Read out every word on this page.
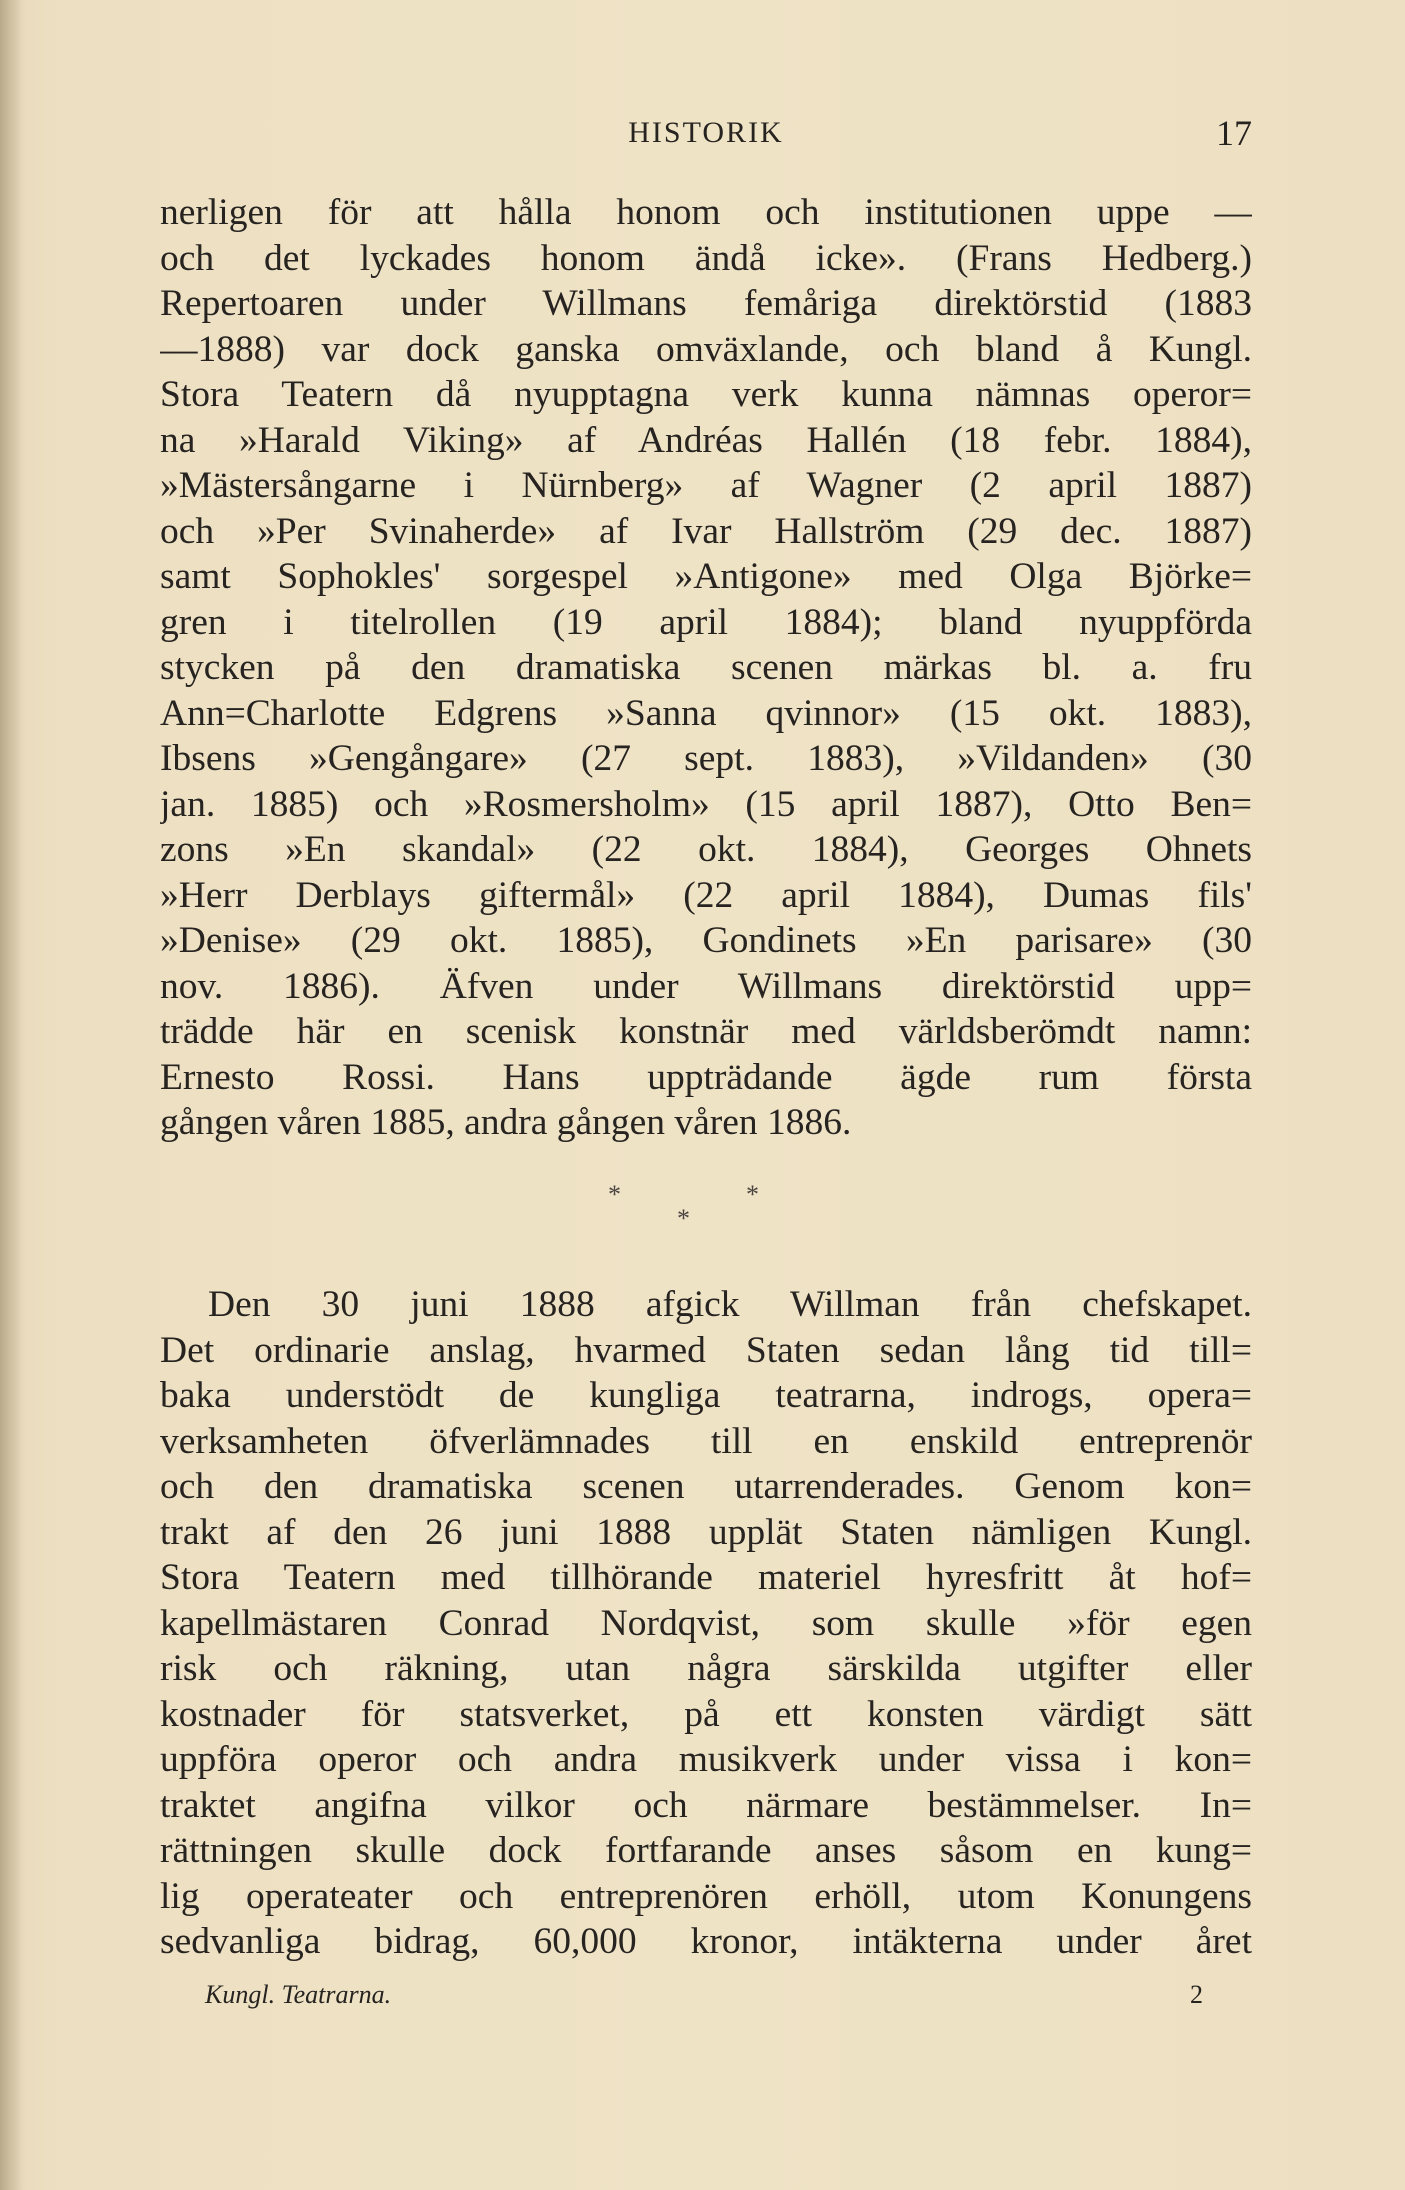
HISTORIK	17
nerligen för att hålla honom och institutionen uppe —
och det lyckades honom ändå icke». (Frans Hedberg.)
Repertoaren under Willmans femåriga direktörstid (1883
—1888) var dock ganska omväxlande, och bland å Kungl.
Stora Teatern då nyupptagna verk kunna nämnas operor=
na »Harald Viking» af Andréas Hallén (18 febr. 1884),
»Mästersångarne i Nürnberg» af Wagner (2 april 1887)
och »Per Svinaherde» af Ivar Hallström (29 dec. 1887)
samt Sophokles' sorgespel »Antigone» med Olga Björke=
gren i titelrollen (19 april 1884); bland nyuppförda
stycken på den dramatiska scenen märkas bl. a. fru
Ann=Charlotte Edgrens »Sanna qvinnor» (15 okt. 1883),
Ibsens »Gengångare» (27 sept. 1883), »Vildanden» (30
jan. 1885) och »Rosmersholm» (15 april 1887), Otto Ben=
zons »En skandal» (22 okt. 1884), Georges Ohnets
»Herr Derblays giftermål» (22 april 1884), Dumas fils'
»Denise» (29 okt. 1885), Gondinets »En parisare» (30
nov. 1886). Äfven under Willmans direktörstid upp=
trädde här en scenisk konstnär med världsberömdt namn:
Ernesto Rossi. Hans uppträdande ägde rum första
gången våren 1885, andra gången våren 1886.
*	*
*
Den 30 juni 1888 afgick Willman från chefskapet.
Det ordinarie anslag, hvarmed Staten sedan lång tid till=
baka understödt de kungliga teatrarna, indrogs, opera=
verksamheten öfverlämnades till en enskild entreprenör
och den dramatiska scenen utarrenderades. Genom kon=
trakt af den 26 juni 1888 upplät Staten nämligen Kungl.
Stora Teatern med tillhörande materiel hyresfritt åt hof=
kapellmästaren Conrad Nordqvist, som skulle »för egen
risk och räkning, utan några särskilda utgifter eller
kostnader för statsverket, på ett konsten värdigt sätt
uppföra operor och andra musikverk under vissa i kon=
traktet angifna vilkor och närmare bestämmelser. In=
rättningen skulle dock fortfarande anses såsom en kung=
lig operateater och entreprenören erhöll, utom Konungens
sedvanliga bidrag, 60,000 kronor, intäkterna under året
Kungl. Teatrarna.	2
